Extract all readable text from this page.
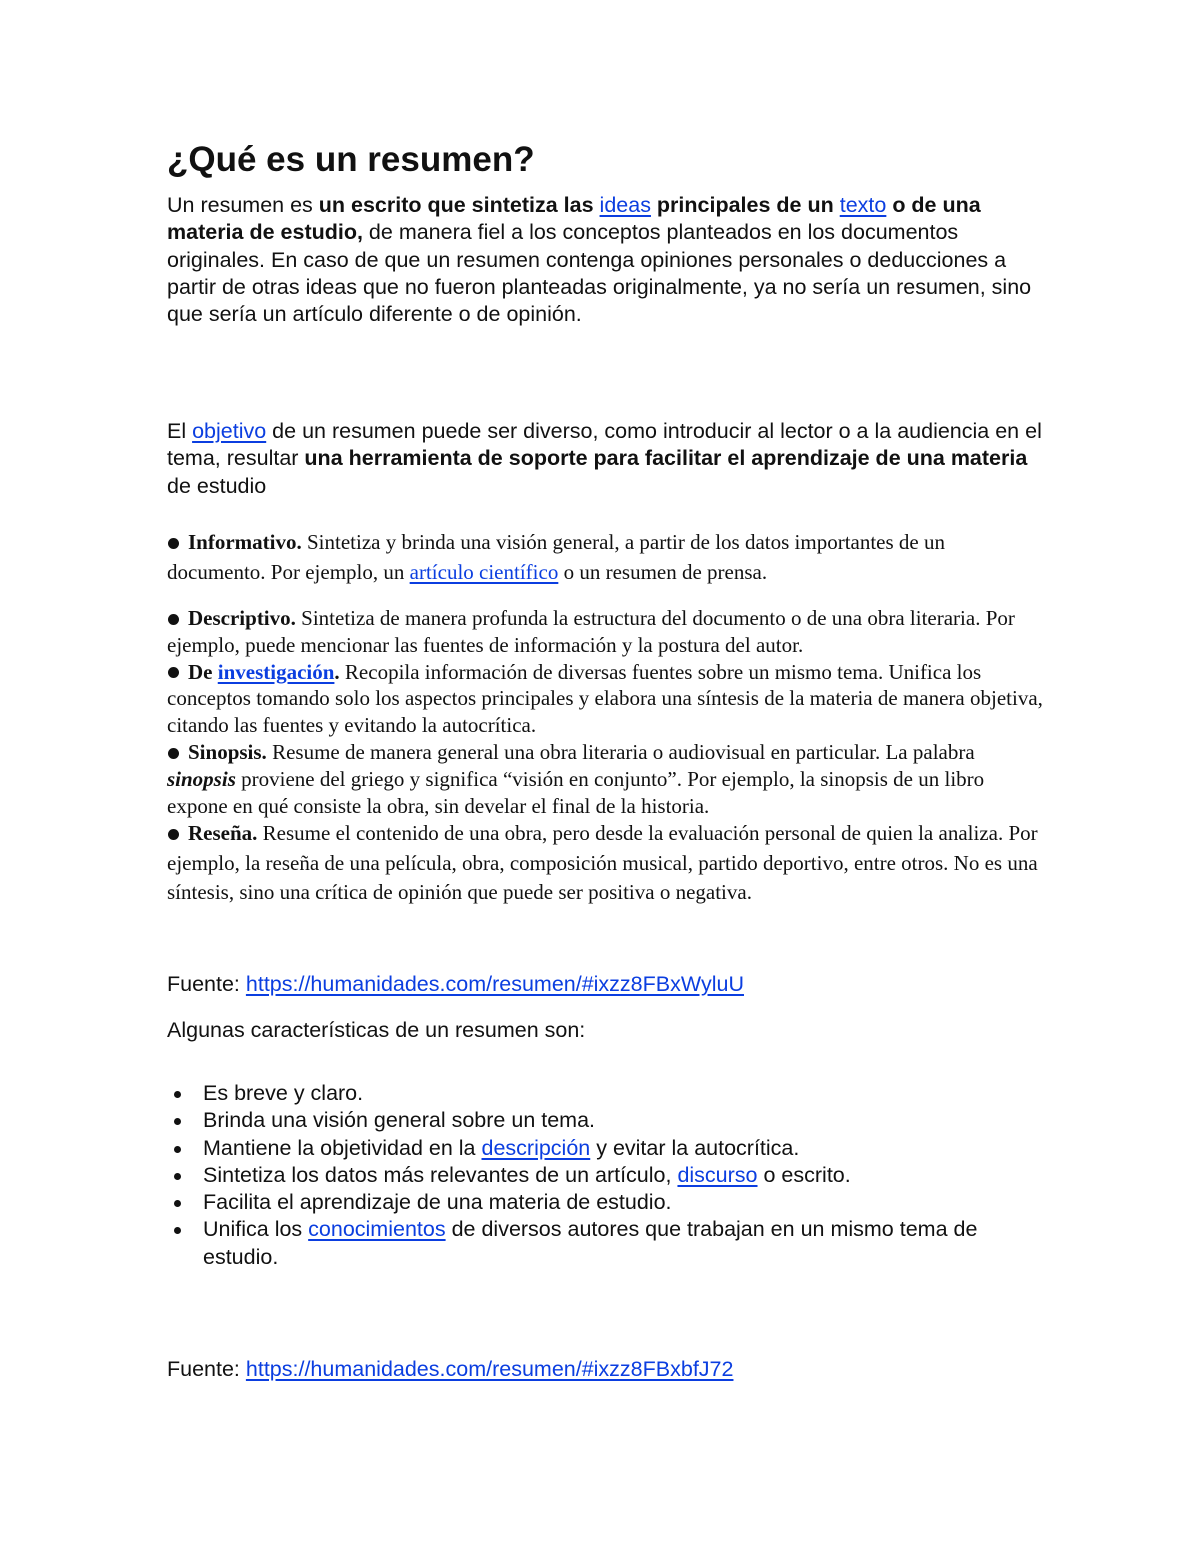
¿Qué es un resumen?

Un resumen es un escrito que sintetiza las ideas principales de un texto o de una materia de estudio, de manera fiel a los conceptos planteados en los documentos originales. En caso de que un resumen contenga opiniones personales o deducciones a partir de otras ideas que no fueron planteadas originalmente, ya no sería un resumen, sino que sería un artículo diferente o de opinión.

El objetivo de un resumen puede ser diverso, como introducir al lector o a la audiencia en el tema, resultar una herramienta de soporte para facilitar el aprendizaje de una materia de estudio

Informativo. Sintetiza y brinda una visión general, a partir de los datos importantes de un documento. Por ejemplo, un artículo científico o un resumen de prensa.
Descriptivo. Sintetiza de manera profunda la estructura del documento o de una obra literaria. Por ejemplo, puede mencionar las fuentes de información y la postura del autor.
De investigación. Recopila información de diversas fuentes sobre un mismo tema. Unifica los conceptos tomando solo los aspectos principales y elabora una síntesis de la materia de manera objetiva, citando las fuentes y evitando la autocrítica.
Sinopsis. Resume de manera general una obra literaria o audiovisual en particular. La palabra sinopsis proviene del griego y significa “visión en conjunto”. Por ejemplo, la sinopsis de un libro expone en qué consiste la obra, sin develar el final de la historia.
Reseña. Resume el contenido de una obra, pero desde la evaluación personal de quien la analiza. Por ejemplo, la reseña de una película, obra, composición musical, partido deportivo, entre otros. No es una síntesis, sino una crítica de opinión que puede ser positiva o negativa.

Fuente: https://humanidades.com/resumen/#ixzz8FBxWyluU

Algunas características de un resumen son:

Es breve y claro.
Brinda una visión general sobre un tema.
Mantiene la objetividad en la descripción y evitar la autocrítica.
Sintetiza los datos más relevantes de un artículo, discurso o escrito.
Facilita el aprendizaje de una materia de estudio.
Unifica los conocimientos de diversos autores que trabajan en un mismo tema de estudio.

Fuente: https://humanidades.com/resumen/#ixzz8FBxbfJ72
